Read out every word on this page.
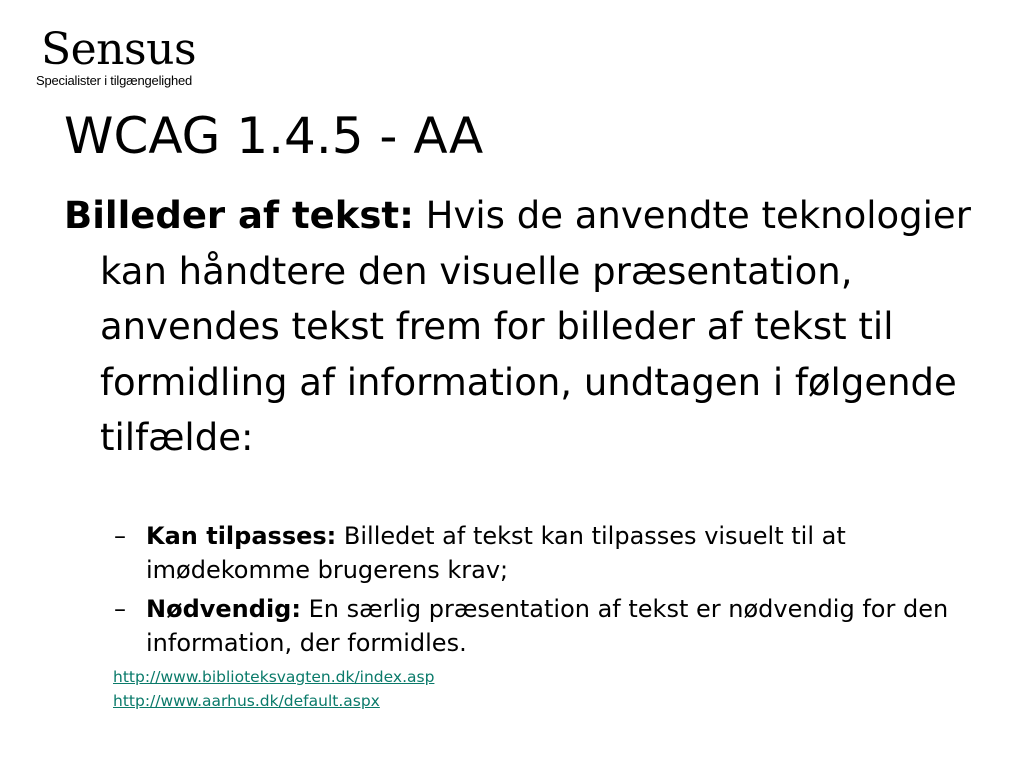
Sensus
Specialister i tilgængelighed
WCAG 1.4.5 - AA

Billeder af tekst: Hvis de anvendte teknologier kan håndtere den visuelle præsentation, anvendes tekst frem for billeder af tekst til formidling af information, undtagen i følgende tilfælde:

– Kan tilpasses: Billedet af tekst kan tilpasses visuelt til at imødekomme brugerens krav;
– Nødvendig: En særlig præsentation af tekst er nødvendig for den information, der formidles.
http://www.biblioteksvagten.dk/index.asp
http://www.aarhus.dk/default.aspx
